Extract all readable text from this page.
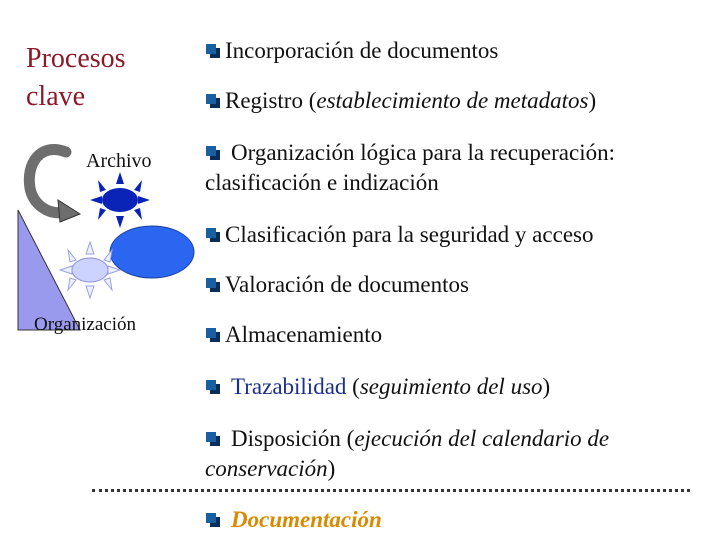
Procesos
clave
Archivo
Organización
Incorporación de documentos
Registro (establecimiento de metadatos)
Organización lógica para la recuperación: clasificación e indización
Clasificación para la seguridad y acceso
Valoración de documentos
Almacenamiento
Trazabilidad (seguimiento del uso)
Disposición (ejecución del calendario de conservación)
Documentación
